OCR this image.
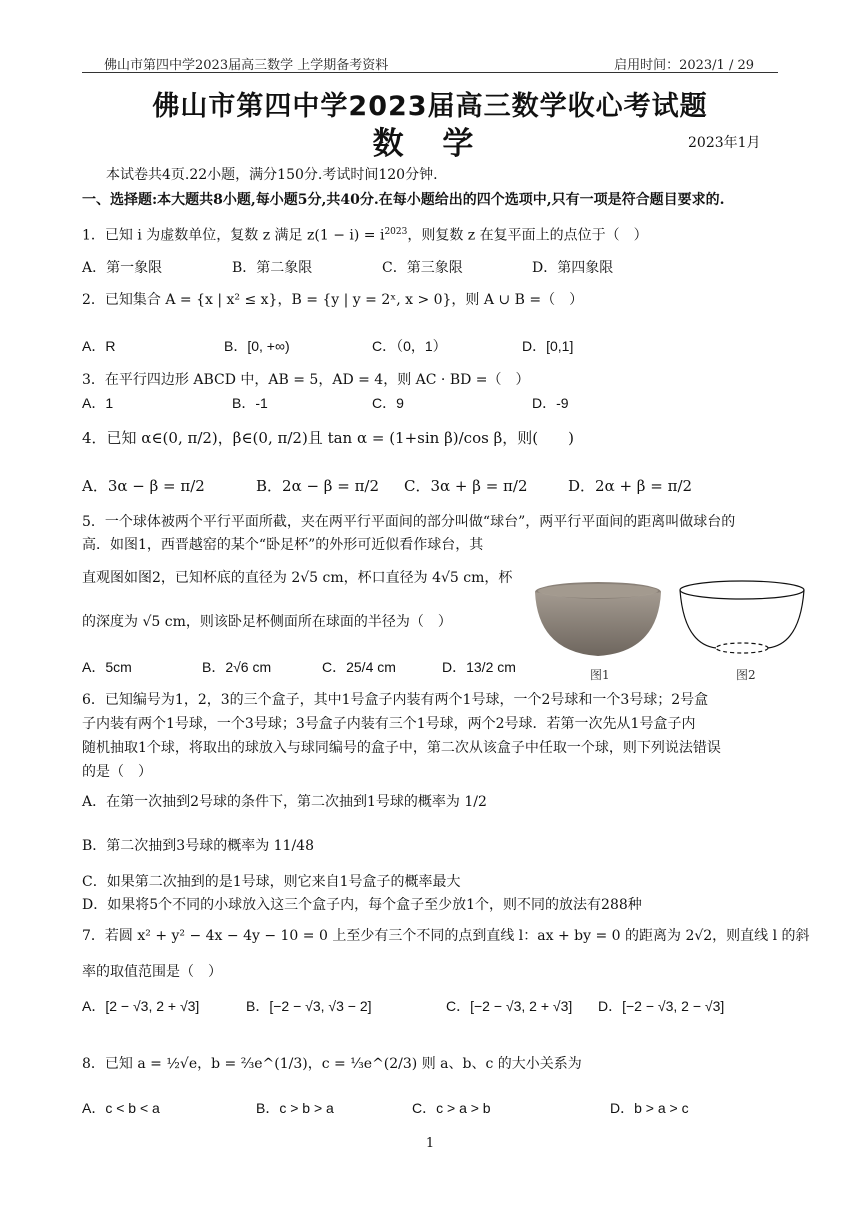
佛山市第四中学2023届高三数学 上学期备考资料	启用时间：2023/1 / 29
佛山市第四中学2023届高三数学收心考试题
数 学	2023年1月
本试卷共4页.22小题，满分150分.考试时间120分钟.
一、选择题:本大题共8小题,每小题5分,共40分.在每小题给出的四个选项中,只有一项是符合题目要求的.
1．已知 i 为虚数单位，复数 z 满足 $z(1 - i) = i^{2023}$，则复数 z 在复平面上的点位于（　）
A．第一象限	B．第二象限	C．第三象限	D．第四象限
2．已知集合 A = {x | x² ≤ x}，B = {y | y = 2ˣ, x > 0}，则 A ∪ B =（　）
A．R	B．[0, +∞)	C．（0，1）	D．[0,1]
3．在平行四边形 ABCD 中，AB = 5，AD = 4，则 AC · BD =（　）
A．1	B．-1	C．9	D．-9
4．已知 α∈(0, π/2)，β∈(0, π/2)且 tan α = (1+sin β)/cos β，则(　　)
A．3α − β = π/2	B．2α − β = π/2 C．3α + β = π/2	D．2α + β = π/2
5．一个球体被两个平行平面所截，夹在两平行平面间的部分叫做“球台”，两平行平面间的距离叫做球台的
高．如图1，西晋越窑的某个“卧足杯”的外形可近似看作球台，其
直观图如图2，已知杯底的直径为 2√5 cm，杯口直径为 4√5 cm，杯
的深度为 √5 cm，则该卧足杯侧面所在球面的半径为（　）
A．5cm	B．2√6 cm	C．25/4 cm	D．13/2 cm	图1	图2
6．已知编号为1，2，3的三个盒子，其中1号盒子内装有两个1号球，一个2号球和一个3号球；2号盒
子内装有两个1号球，一个3号球；3号盒子内装有三个1号球，两个2号球．若第一次先从1号盒子内
随机抽取1个球，将取出的球放入与球同编号的盒子中，第二次从该盒子中任取一个球，则下列说法错误
的是（　）
A．在第一次抽到2号球的条件下，第二次抽到1号球的概率为 1/2
B．第二次抽到3号球的概率为 11/48
C．如果第二次抽到的是1号球，则它来自1号盒子的概率最大
D．如果将5个不同的小球放入这三个盒子内，每个盒子至少放1个，则不同的放法有288种
7．若圆 x² + y² − 4x − 4y − 10 = 0 上至少有三个不同的点到直线 l：ax + by = 0 的距离为 2√2，则直线 l 的斜
率的取值范围是（　）
A．[2 − √3, 2 + √3]	B．[−2 − √3, √3 − 2]	C．[−2 − √3, 2 + √3] D．[−2 − √3, 2 − √3]
8．已知 a = ½√e，b = ⅔e^(1/3)，c = ⅓e^(2/3) 则 a、b、c 的大小关系为
A．c < b < a	B．c > b > a	C．c > a > b	D．b > a > c
1
